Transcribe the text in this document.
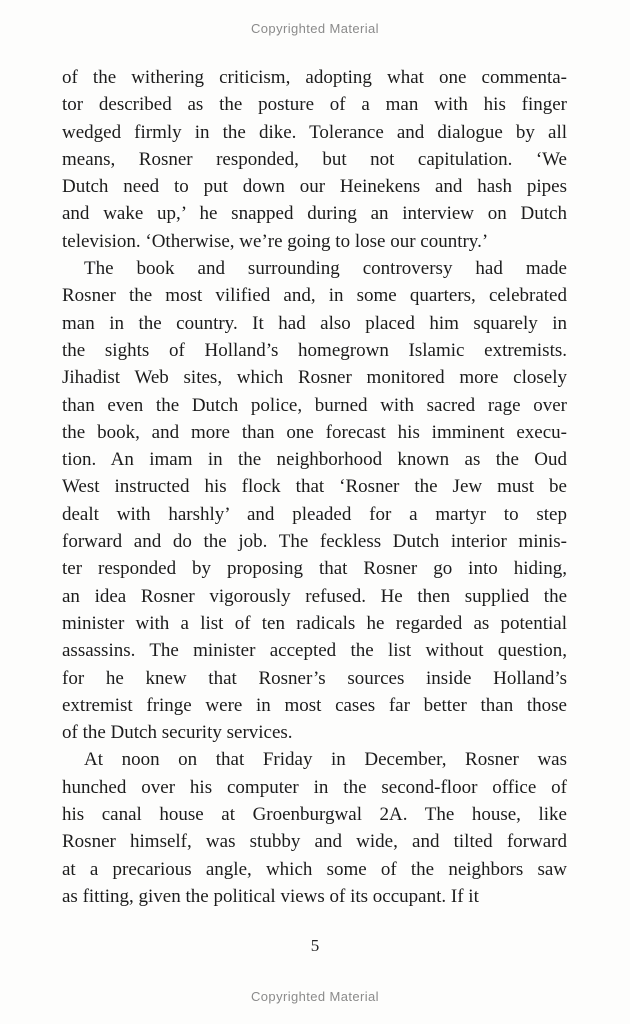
Copyrighted Material
of the withering criticism, adopting what one commenta-
tor described as the posture of a man with his finger
wedged firmly in the dike. Tolerance and dialogue by all
means, Rosner responded, but not capitulation. ‘We
Dutch need to put down our Heinekens and hash pipes
and wake up,’ he snapped during an interview on Dutch
television. ‘Otherwise, we’re going to lose our country.’
The book and surrounding controversy had made
Rosner the most vilified and, in some quarters, celebrated
man in the country. It had also placed him squarely in
the sights of Holland’s homegrown Islamic extremists.
Jihadist Web sites, which Rosner monitored more closely
than even the Dutch police, burned with sacred rage over
the book, and more than one forecast his imminent execu-
tion. An imam in the neighborhood known as the Oud
West instructed his flock that ‘Rosner the Jew must be
dealt with harshly’ and pleaded for a martyr to step
forward and do the job. The feckless Dutch interior minis-
ter responded by proposing that Rosner go into hiding,
an idea Rosner vigorously refused. He then supplied the
minister with a list of ten radicals he regarded as potential
assassins. The minister accepted the list without question,
for he knew that Rosner’s sources inside Holland’s
extremist fringe were in most cases far better than those
of the Dutch security services.
At noon on that Friday in December, Rosner was
hunched over his computer in the second-floor office of
his canal house at Groenburgwal 2A. The house, like
Rosner himself, was stubby and wide, and tilted forward
at a precarious angle, which some of the neighbors saw
as fitting, given the political views of its occupant. If it
5
Copyrighted Material
